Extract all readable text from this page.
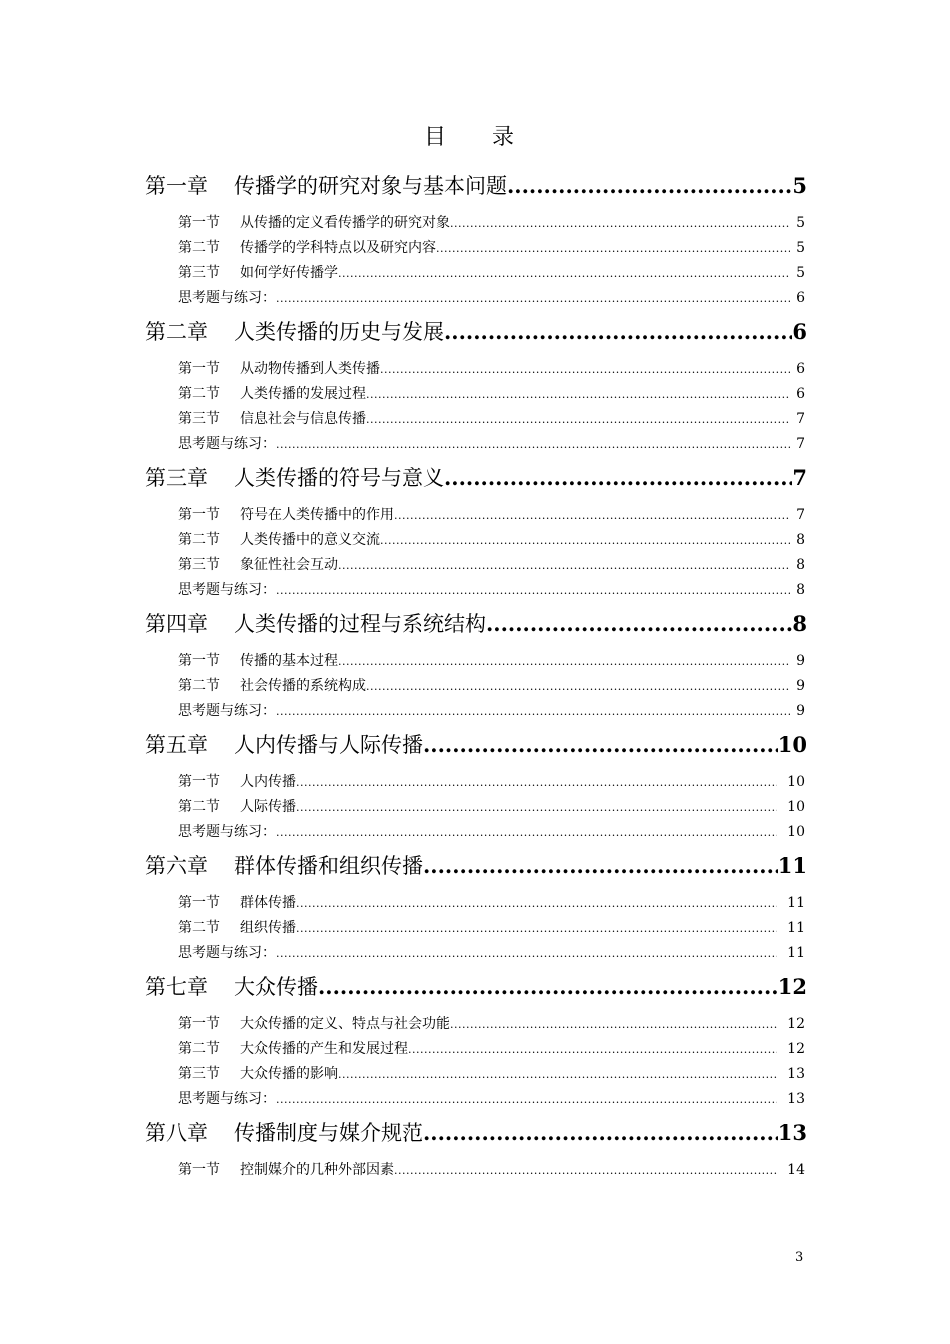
目　录
第一章 传播学的研究对象与基本问题 .....	5
第一节 从传播的定义看传播学的研究对象 .....	5
第二节 传播学的学科特点以及研究内容 .....	5
第三节 如何学好传播学 .....	5
思考题与练习： .....	6
第二章 人类传播的历史与发展 .....	6
第一节 从动物传播到人类传播 .....	6
第二节 人类传播的发展过程 .....	6
第三节 信息社会与信息传播 .....	7
思考题与练习： .....	7
第三章 人类传播的符号与意义 .....	7
第一节 符号在人类传播中的作用 .....	7
第二节 人类传播中的意义交流 .....	8
第三节 象征性社会互动 .....	8
思考题与练习： .....	8
第四章 人类传播的过程与系统结构 .....	8
第一节 传播的基本过程 .....	9
第二节 社会传播的系统构成 .....	9
思考题与练习： .....	9
第五章 人内传播与人际传播 .....	10
第一节 人内传播 .....	10
第二节 人际传播 .....	10
思考题与练习： .....	10
第六章 群体传播和组织传播 .....	11
第一节 群体传播 .....	11
第二节 组织传播 .....	11
思考题与练习： .....	11
第七章 大众传播 .....	12
第一节 大众传播的定义、特点与社会功能 .....	12
第二节 大众传播的产生和发展过程 .....	12
第三节 大众传播的影响 .....	13
思考题与练习： .....	13
第八章 传播制度与媒介规范 .....	13
第一节 控制媒介的几种外部因素 .....	14
3
